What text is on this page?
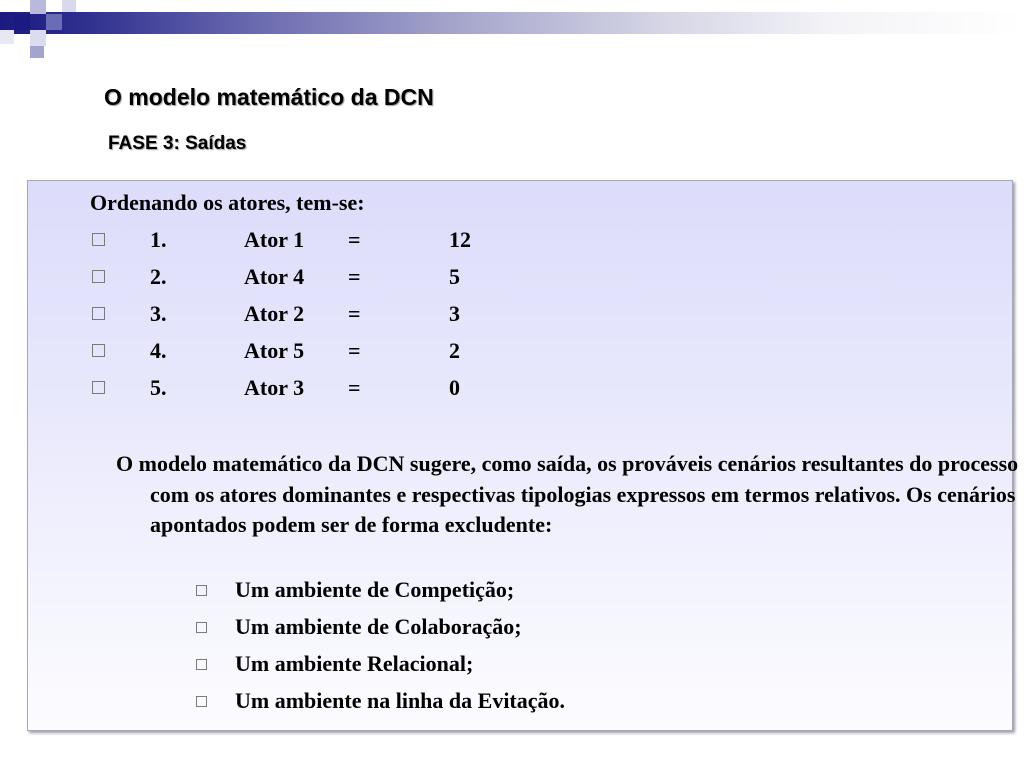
O modelo matemático da DCN
FASE 3: Saídas

Ordenando os atores, tem-se:

1.	Ator 1 =	12
2.	Ator 4 =	5
3.	Ator 2 =	3
4.	Ator 5 =	2
5.	Ator 3 =	0

O modelo matemático da DCN sugere, como saída, os prováveis cenários resultantes do processo com os atores dominantes e respectivas tipologias expressos em termos relativos. Os cenários apontados podem ser de forma excludente:

Um ambiente de Competição;
Um ambiente de Colaboração;
Um ambiente Relacional;
Um ambiente na linha da Evitação.
